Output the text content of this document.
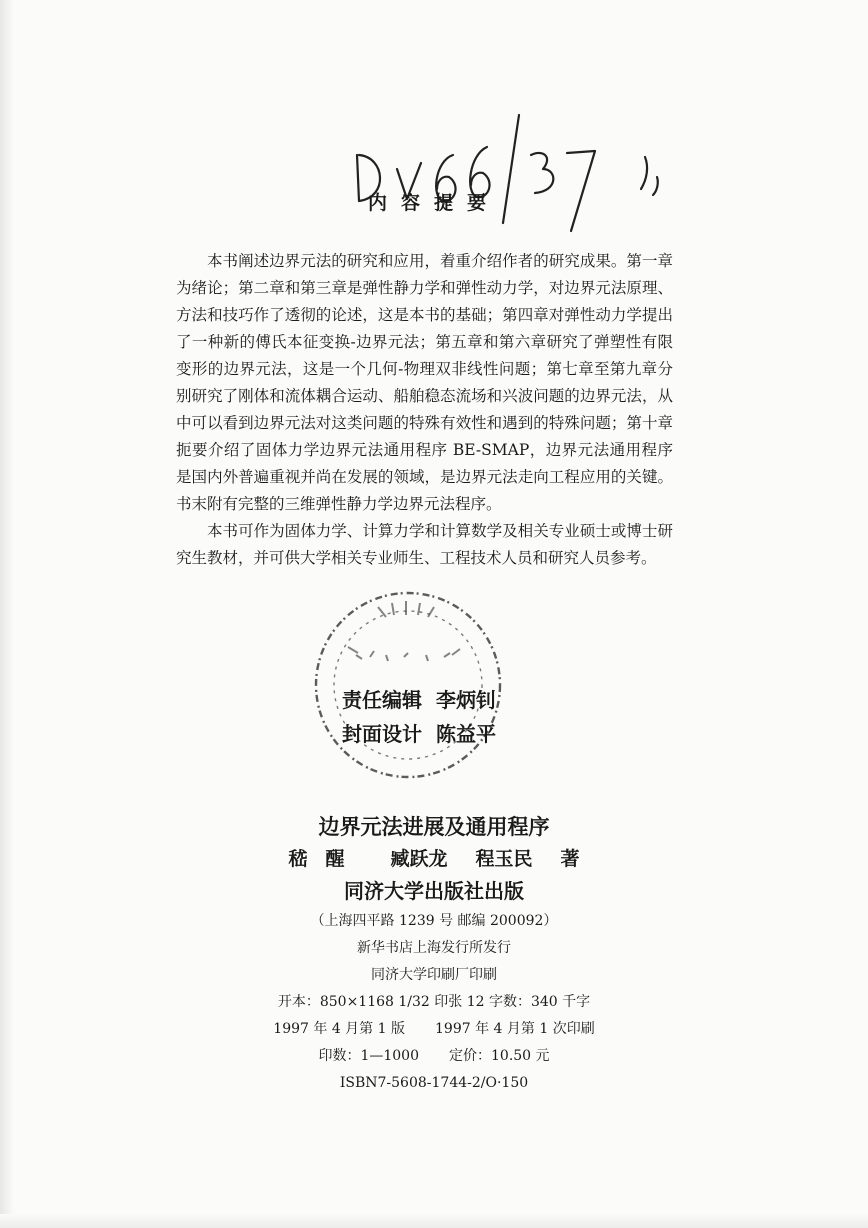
内容提要

本书阐述边界元法的研究和应用，着重介绍作者的研究成果。第一章为绪论；第二章和第三章是弹性静力学和弹性动力学，对边界元法原理、方法和技巧作了透彻的论述，这是本书的基础；第四章对弹性动力学提出了一种新的傅氏本征变换-边界元法；第五章和第六章研究了弹塑性有限变形的边界元法，这是一个几何-物理双非线性问题；第七章至第九章分别研究了刚体和流体耦合运动、船舶稳态流场和兴波问题的边界元法，从中可以看到边界元法对这类问题的特殊有效性和遇到的特殊问题；第十章扼要介绍了固体力学边界元法通用程序 BE-SMAP，边界元法通用程序是国内外普遍重视并尚在发展的领域，是边界元法走向工程应用的关键。书末附有完整的三维弹性静力学边界元法程序。

本书可作为固体力学、计算力学和计算数学及相关专业硕士或博士研究生教材，并可供大学相关专业师生、工程技术人员和研究人员参考。

责任编辑 李炳钊
封面设计 陈益平
边界元法进展及通用程序
嵇醒 臧跃龙 程玉民 著
同济大学出版社出版
（上海四平路 1239 号 邮编 200092）
新华书店上海发行所发行
同济大学印刷厂印刷
开本：850×1168 1/32 印张 12 字数：340 千字
1997 年 4 月第 1 版 1997 年 4 月第 1 次印刷
印数：1—1000 定价：10.50 元
ISBN7-5608-1744-2/O·150
